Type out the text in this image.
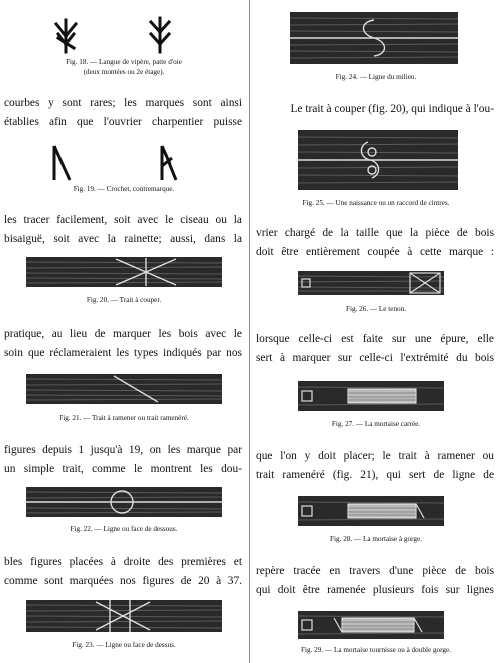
Fig. 18. — Langue de vipère, patte d'oie
(deux montées ou 2e étage).
courbes y sont rares; les marques sont ainsi
établies afin que l'ouvrier charpentier puisse
Fig. 19. — Crochet, contremarque.
les tracer facilement, soit avec le ciseau ou la
bisaiguë, soit avec la rainette; aussi, dans la
Fig. 20. — Trait à couper.
pratique, au lieu de marquer les bois avec le
soin que réclameraient les types indiqués par nos
Fig. 21. — Trait à ramener ou trait ramenéré.
figures depuis 1 jusqu'à 19, on les marque par
un simple trait, comme le montrent les dou-
Fig. 22. — Ligne ou face de dessous.
bles figures placées à droite des premières et
comme sont marquées nos figures de 20 à 37.
Fig. 23. — Ligne ou face de dessus.
Fig. 24. — Ligne du milieu.
Le trait à couper (fig. 20), qui indique à l'ou-
Fig. 25. — Une naissance ou un raccord de cintres.
vrier chargé de la taille que la pièce de bois
doit être entièrement coupée à cette marque :
Fig. 26. — Le tenon.
lorsque celle-ci est faite sur une épure, elle
sert à marquer sur celle-ci l'extrémité du bois
Fig. 27. — La mortaise carrée.
que l'on y doit placer; le trait à ramener ou
trait ramenéré (fig. 21), qui sert de ligne de
Fig. 28. — La mortaise à gorge.
repère tracée en travers d'une pièce de bois
qui doit être ramenée plusieurs fois sur lignes
Fig. 29. — La mortaise tournisse ou à double gorge.
